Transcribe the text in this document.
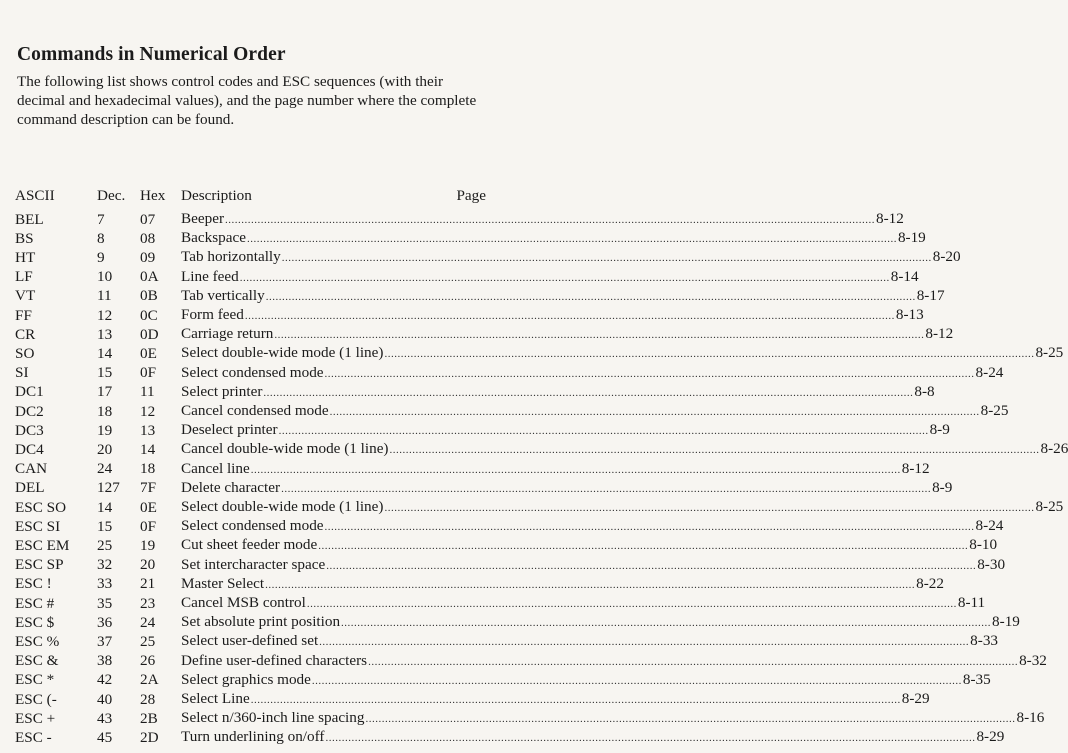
Commands in Numerical Order

The following list shows control codes and ESC sequences (with their decimal and hexadecimal values), and the page number where the complete command description can be found.

ASCII	Dec.	Hex	Description Page

BEL	7	07	Beeper ........................................................................................................................................................................................................ 8-12

BS	8	08	Backspace ........................................................................................................................................................................................................ 8-19

HT	9	09	Tab horizontally ........................................................................................................................................................................................................ 8-20

LF	10	0A	Line feed ........................................................................................................................................................................................................ 8-14

VT	11	0B	Tab vertically ........................................................................................................................................................................................................ 8-17

FF	12	0C	Form feed ........................................................................................................................................................................................................ 8-13

CR	13	0D	Carriage return ........................................................................................................................................................................................................ 8-12

SO	14	0E	Select double-wide mode (1 line) ........................................................................................................................................................................................................ 8-25

SI	15	0F	Select condensed mode ........................................................................................................................................................................................................ 8-24

DC1	17	11	Select printer ........................................................................................................................................................................................................ 8-8

DC2	18	12	Cancel condensed mode ........................................................................................................................................................................................................ 8-25

DC3	19	13	Deselect printer ........................................................................................................................................................................................................ 8-9

DC4	20	14	Cancel double-wide mode (1 line) ........................................................................................................................................................................................................ 8-26

CAN	24	18	Cancel line ........................................................................................................................................................................................................ 8-12

DEL	127	7F	Delete character ........................................................................................................................................................................................................ 8-9

ESC SO	14	0E	Select double-wide mode (1 line) ........................................................................................................................................................................................................ 8-25

ESC SI	15	0F	Select condensed mode ........................................................................................................................................................................................................ 8-24

ESC EM	25	19	Cut sheet feeder mode ........................................................................................................................................................................................................ 8-10

ESC SP	32	20	Set intercharacter space ........................................................................................................................................................................................................ 8-30

ESC !	33	21	Master Select ........................................................................................................................................................................................................ 8-22

ESC #	35	23	Cancel MSB control ........................................................................................................................................................................................................ 8-11

ESC $	36	24	Set absolute print position ........................................................................................................................................................................................................ 8-19

ESC %	37	25	Select user-defined set ........................................................................................................................................................................................................ 8-33

ESC &	38	26	Define user-defined characters ........................................................................................................................................................................................................ 8-32

ESC *	42	2A	Select graphics mode ........................................................................................................................................................................................................ 8-35

ESC (-	40	28	Select Line ........................................................................................................................................................................................................ 8-29

ESC +	43	2B	Select n/360-inch line spacing ........................................................................................................................................................................................................ 8-16

ESC -	45	2D	Turn underlining on/off ........................................................................................................................................................................................................ 8-29
